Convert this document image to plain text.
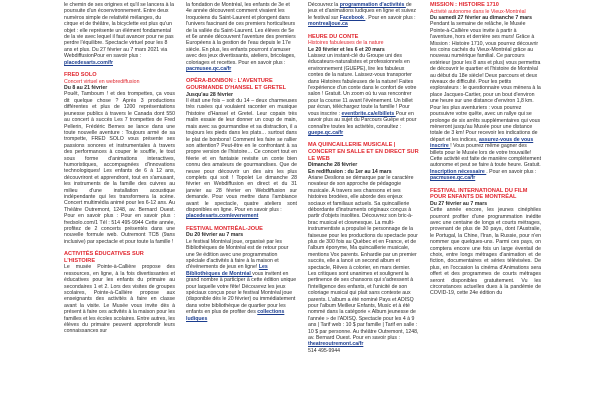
le chemin de ses origines et qu'il se lancera à la poursuite d'un écoenvironnement. Entre deux numéros simple de relativité mélanges, du cirque et de théâtre, la bicyclette est plus qu'un objet : elle représente un élément fondamental de la vie avec lequel il faut avancer pour ne pas perdre l'équilibre. Spectacle virtuel pour les 8 ans et plus. Du 27 février au 7 mars 2021 via WebdiffusionPour en savoir plus : placedesarts.com/fr
FRED SOLO
Concert virtuel en webrediffusion
Du 8 au 21 février
Pouêt, Tamboum ! et des trompettes, ça vous dit quelque chose ? Après 3 productions différentes et plus de 1200 représentations jeunesse publics à travers le Canada dont 550 au concert à succès Les 7 trompettes de Fred Pellerin, Frédéric Bernes se lance dans une toute nouvelle aventure : Toujours armé de sa trompette, FRED SOLO vous présente ses passions sonores et instrumentales à travers des performances à couper le souffle, le tout sous forme d'animations interactives, humoristiques, accompagnées d'innovations technologiques! Les enfants de 6 à 12 ans, découvriront et apprendront, tout en s'amusant, les instruments de la famille des cuivres au milieu d'une installation acoustique indépendante qui les transformera la scène. Concert multimédia animé pour les 6-12 ans. Au Théâtre Outremont, 1248, av. Bernard Ouest. Pour en savoir plus : Pour en savoir plus : fredsolo.com/1 Tél : 514 495-9944 Cette année, profitez de 2 concerts présentés dans une nouvelle formule web. Outremont TCB (9ans inclusive) par spectacle et pour toute la famille !
ACTIVITÉS ÉDUCATIVES SUR L'HISTOIRE
Le musée Pointe-à-Callière propose des ressources, en ligne, à la fois divertissantes et éducatives pour les enfants du primaire au secondaires 1 et 2. Lors des visites de groupes scolaires, Pointe-à-Callière propose aux enseignants des activités à faire en classe avant la visite. Le Musée vous invite dès à présent à faire ces activités à la maison pour les familles et les écoles scolaires. Entre autres, les élèves du primaire peuvent approfondir leurs connaissances sur
la fondation de Montréal, les enfants de 3e et 4e année découvrent comment vivaient les Iroquoiens du Saint-Laurent et plongent dans l'univers fascinant de ces premiers horticulteurs de la vallée du Saint-Laurent. Les élèves de 5e et 6e année découvrent l'aventure des premiers Européens à la gestion de l'eau depuis le 17e siècle. En plus, les enfants pourront s'amuser avec des jeux divertissants, ateliers, bricolages, coloriages et recettes. Pour en savoir plus : pacmusee.qc.ca/fr
OPÉRA-BONBON : L'AVENTURE GOURMANDE D'HANSEL ET GRETEL
Jusqu'au 28 février
Il était une fois – soit du 14 – deux charmeuses très rusées qui voulaient raconter en musique l'histoire d'Hansel et Gretel. Leur copain très malin essaie de leur donner un coup de main, mais avec sa gourmandise et sa distraction, il a toujours les pieds dans les plats… surtout dans le plat de bonbons! Comment les faire se rallier son attention? Peut-être en le confrontant à sa propre version de l'histoire… Ce concert tout en féerie et en fantaisie revisite un conte bien connu des amateurs de gourmandises. Que de neuve pour découvrir un des airs les plus complets qui soit ! Topolet Le dimanche 28 février en Webdiffusion en direct et du 31 janvier au 28 février en Webdiffusion sur demande. Pour vous mettre dans l'ambiance avant le spectacle, quatre ateliers sont disponibles en ligne. Pour en savoir plus :
placedesarts.com/evenement
FESTIVAL MONTRÉAL-JOUE
Du 20 février au 7 mars
Le festival Montréal joue, organisé par les Bibliothèques de Montréal est de retour pour une 9e édition avec une programmation spéciale d'activités à faire à la maison et d'événements de jeux en ligne! Les Bibliothèques de Montréal vous invitent en grand nombre à participer à cette édition unique pour laquelle votre fête! Découvrez les jeux spéciaux conçus pour le festival Montréal joue (disponible dès le 20 février) ou immédiatement dans votre bibliothèque de quartier pour les enfants en plus de profiter des collections ludiques
Découvrez la programmation d'activités de jeux et d'animations ludiques en ligne et suivez le festival sur Facebook . Pour en savoir plus : montrealjoue.ca
HEURE DU CONTE
Histoires fabuleuses de la nature
Le 20 février et les 6 et 20 mars
Laissez un instant-clé du Groupe uni des éducateurs-naturalistes et professionnels en environnement (GUEPE), lire les fabuleux contes de la nature. Laissez-vous transporter dans Histoires fabuleuses de la nature! Faites l'expérience d'un conte dans le confort de votre salon ! Gratuit. Un zoom où tu vas rencontrer pour la course 11 avant l'événement. Un billet par écran, téléchargez toute la famille ! Pour vous inscrire : eventbrite.ca/e/billets Pour en savoir plus au sujet du Parcours Guépe et pour connaître toutes les activités, consultez : guepe.qc.ca/fr
MA QUINCAILLERIE MUSICALE | CONCERT EN SALLE ET EN DIRECT SUR LE WEB
Dimanche 28 février
En rediffusion : du 1er au 14 mars
Ariane Deslions se démarque par le caractère novateur de son approche de pédagogie musicale. À travers ses chansons et ses histoires brodées, elle aborde des enjeux sociaux et familiaux actuels. Sa quincaillerie débordante d'instruments originaux conçus à partir d'objets insolites. Découvrez son bric-à-brac musical et clownesque. La multi-instrumentiste a propulsé le personnage de la faiseuse pour les productions du spectacle pour plus de 300 fois au Québec et en France, et de l'album éponyme, Ma quincaillerie musicale, mentions Vox parents. Enhardie par un premier succès, elle a lancé un second album et spectacle, Rêves à colorier, en mars dernier. Les critiques sont unanimes et soulignent la pertinence de ses chansons qui s'adressent à l'intelligence des enfants, et l'unicité de son coloriage musical qui plait sans conteste aux parents. L'album a été nominé Pays et ADISQ pour l'album Meilleur Enfants, Music et à été nommé dans la catégorie « Album jeunesse de l'année » de l'ADISQ. Spectacle pour les 4 à 9 ans | Tarif web : 10 $ par famille | Tarif en salle : 10 $ par personne. Au théâtre Outremont, 1248, av. Bernard Ouest. Pour en savoir plus : theatreoutremont.ca/fr
514 495-9944
MISSION : HISTOIRE 1710
Activité autonome dans le Vieux-Montréal
Du samedi 27 février au dimanche 7 mars
Pendant la semaine de relâche, le Musée Pointe-à-Callière vous invite à partir à l'aventure, hors et derrière ses murs! Grâce à Mission : Histoire 1710, vous pourrez découvrir les coins cachés du Vieux-Montréal grâce au nouveau numérique familial. Ce parcours extérieur (pour les 8 ans et plus) vous permettra de découvrir le quartier et l'histoire de Montréal au début du 18e siècle! Deux parcours et deux niveaux de difficulté. Pour les petits explorateurs : le questionnaire vous mènera à la place Jacques-Cartier, pour un bout d'environ une heure sur une distance d'environ 1,8 km. Pour les plus aventuriers : vous pourrez poursuivre votre quête, avec un rallye qui se prolonge de six arrêts supplémentaires qui vous mèneront jusqu'au Musée pour une distance totale de 3 km! Pour recevoir les indications de départ et les indices, assurez-vous de vous inscrire ! Vous pourrez même gagner des billets pour le Musée lors de votre trouvaille! Cette activité est faite de manière complètement autonome et peut se faire à toute heure. Gratuit. Inscription nécessaire . Pour en savoir plus : pacmusee.qc.ca/fr
FESTIVAL INTERNATIONAL DU FILM POUR ENFANTS DE MONTRÉAL
Du 27 février au 7 mars
Cette année encore, les jeunes cinéphiles pourront profiter d'une programmation inédite avec une centaine de longs et courts métrages, provenant de plus de 30 pays, dont l'Australie, le Portugal, la Chine, l'Iran, la Russie, pour n'en nommer que quelques-uns. Parmi ces pays, on comptera encore une fois un large éventail de choix, entre longs métrages d'animation et de fiction, documentaires et séries télévisées. De plus, en l'occasion la cinéma d'Animations sera offert et des programmes de courts métrages seront disponibles gratuitement. Vu les circonstances actuelles dues à la pandémie de COVID-19, cette 24e édition du
